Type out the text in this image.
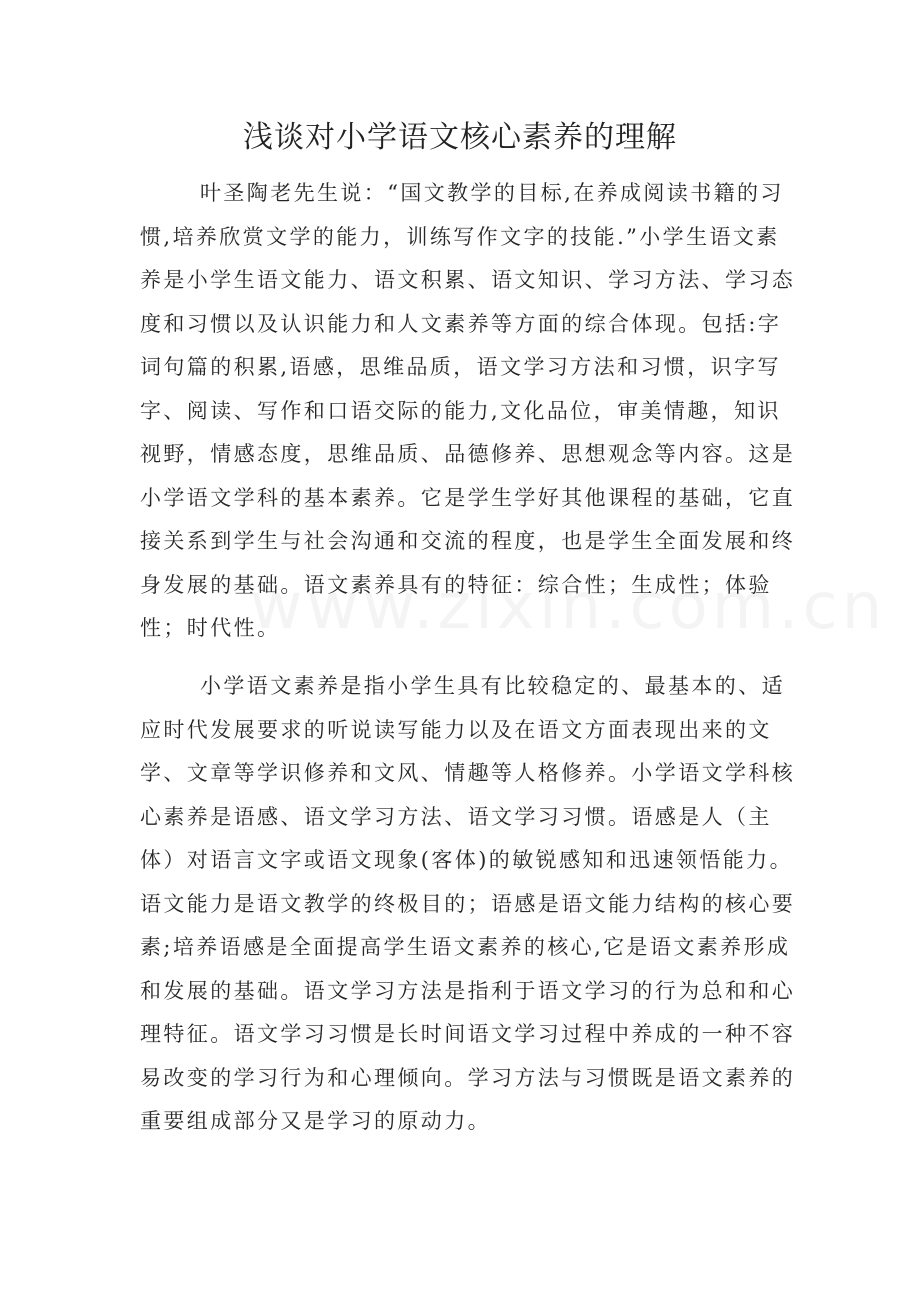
浅谈对小学语文核心素养的理解

叶圣陶老先生说：“国文教学的目标,在养成阅读书籍的习惯,培养欣赏文学的能力，训练写作文字的技能.”小学生语文素养是小学生语文能力、语文积累、语文知识、学习方法、学习态度和习惯以及认识能力和人文素养等方面的综合体现。包括:字词句篇的积累,语感，思维品质，语文学习方法和习惯，识字写字、阅读、写作和口语交际的能力,文化品位，审美情趣，知识视野，情感态度，思维品质、品德修养、思想观念等内容。这是小学语文学科的基本素养。它是学生学好其他课程的基础，它直接关系到学生与社会沟通和交流的程度，也是学生全面发展和终身发展的基础。语文素养具有的特征：综合性；生成性；体验性；时代性。

小学语文素养是指小学生具有比较稳定的、最基本的、适应时代发展要求的听说读写能力以及在语文方面表现出来的文学、文章等学识修养和文风、情趣等人格修养。小学语文学科核心素养是语感、语文学习方法、语文学习习惯。语感是人（主体）对语言文字或语文现象(客体)的敏锐感知和迅速领悟能力。语文能力是语文教学的终极目的；语感是语文能力结构的核心要素;培养语感是全面提高学生语文素养的核心,它是语文素养形成和发展的基础。语文学习方法是指利于语文学习的行为总和和心理特征。语文学习习惯是长时间语文学习过程中养成的一种不容易改变的学习行为和心理倾向。学习方法与习惯既是语文素养的重要组成部分又是学习的原动力。
